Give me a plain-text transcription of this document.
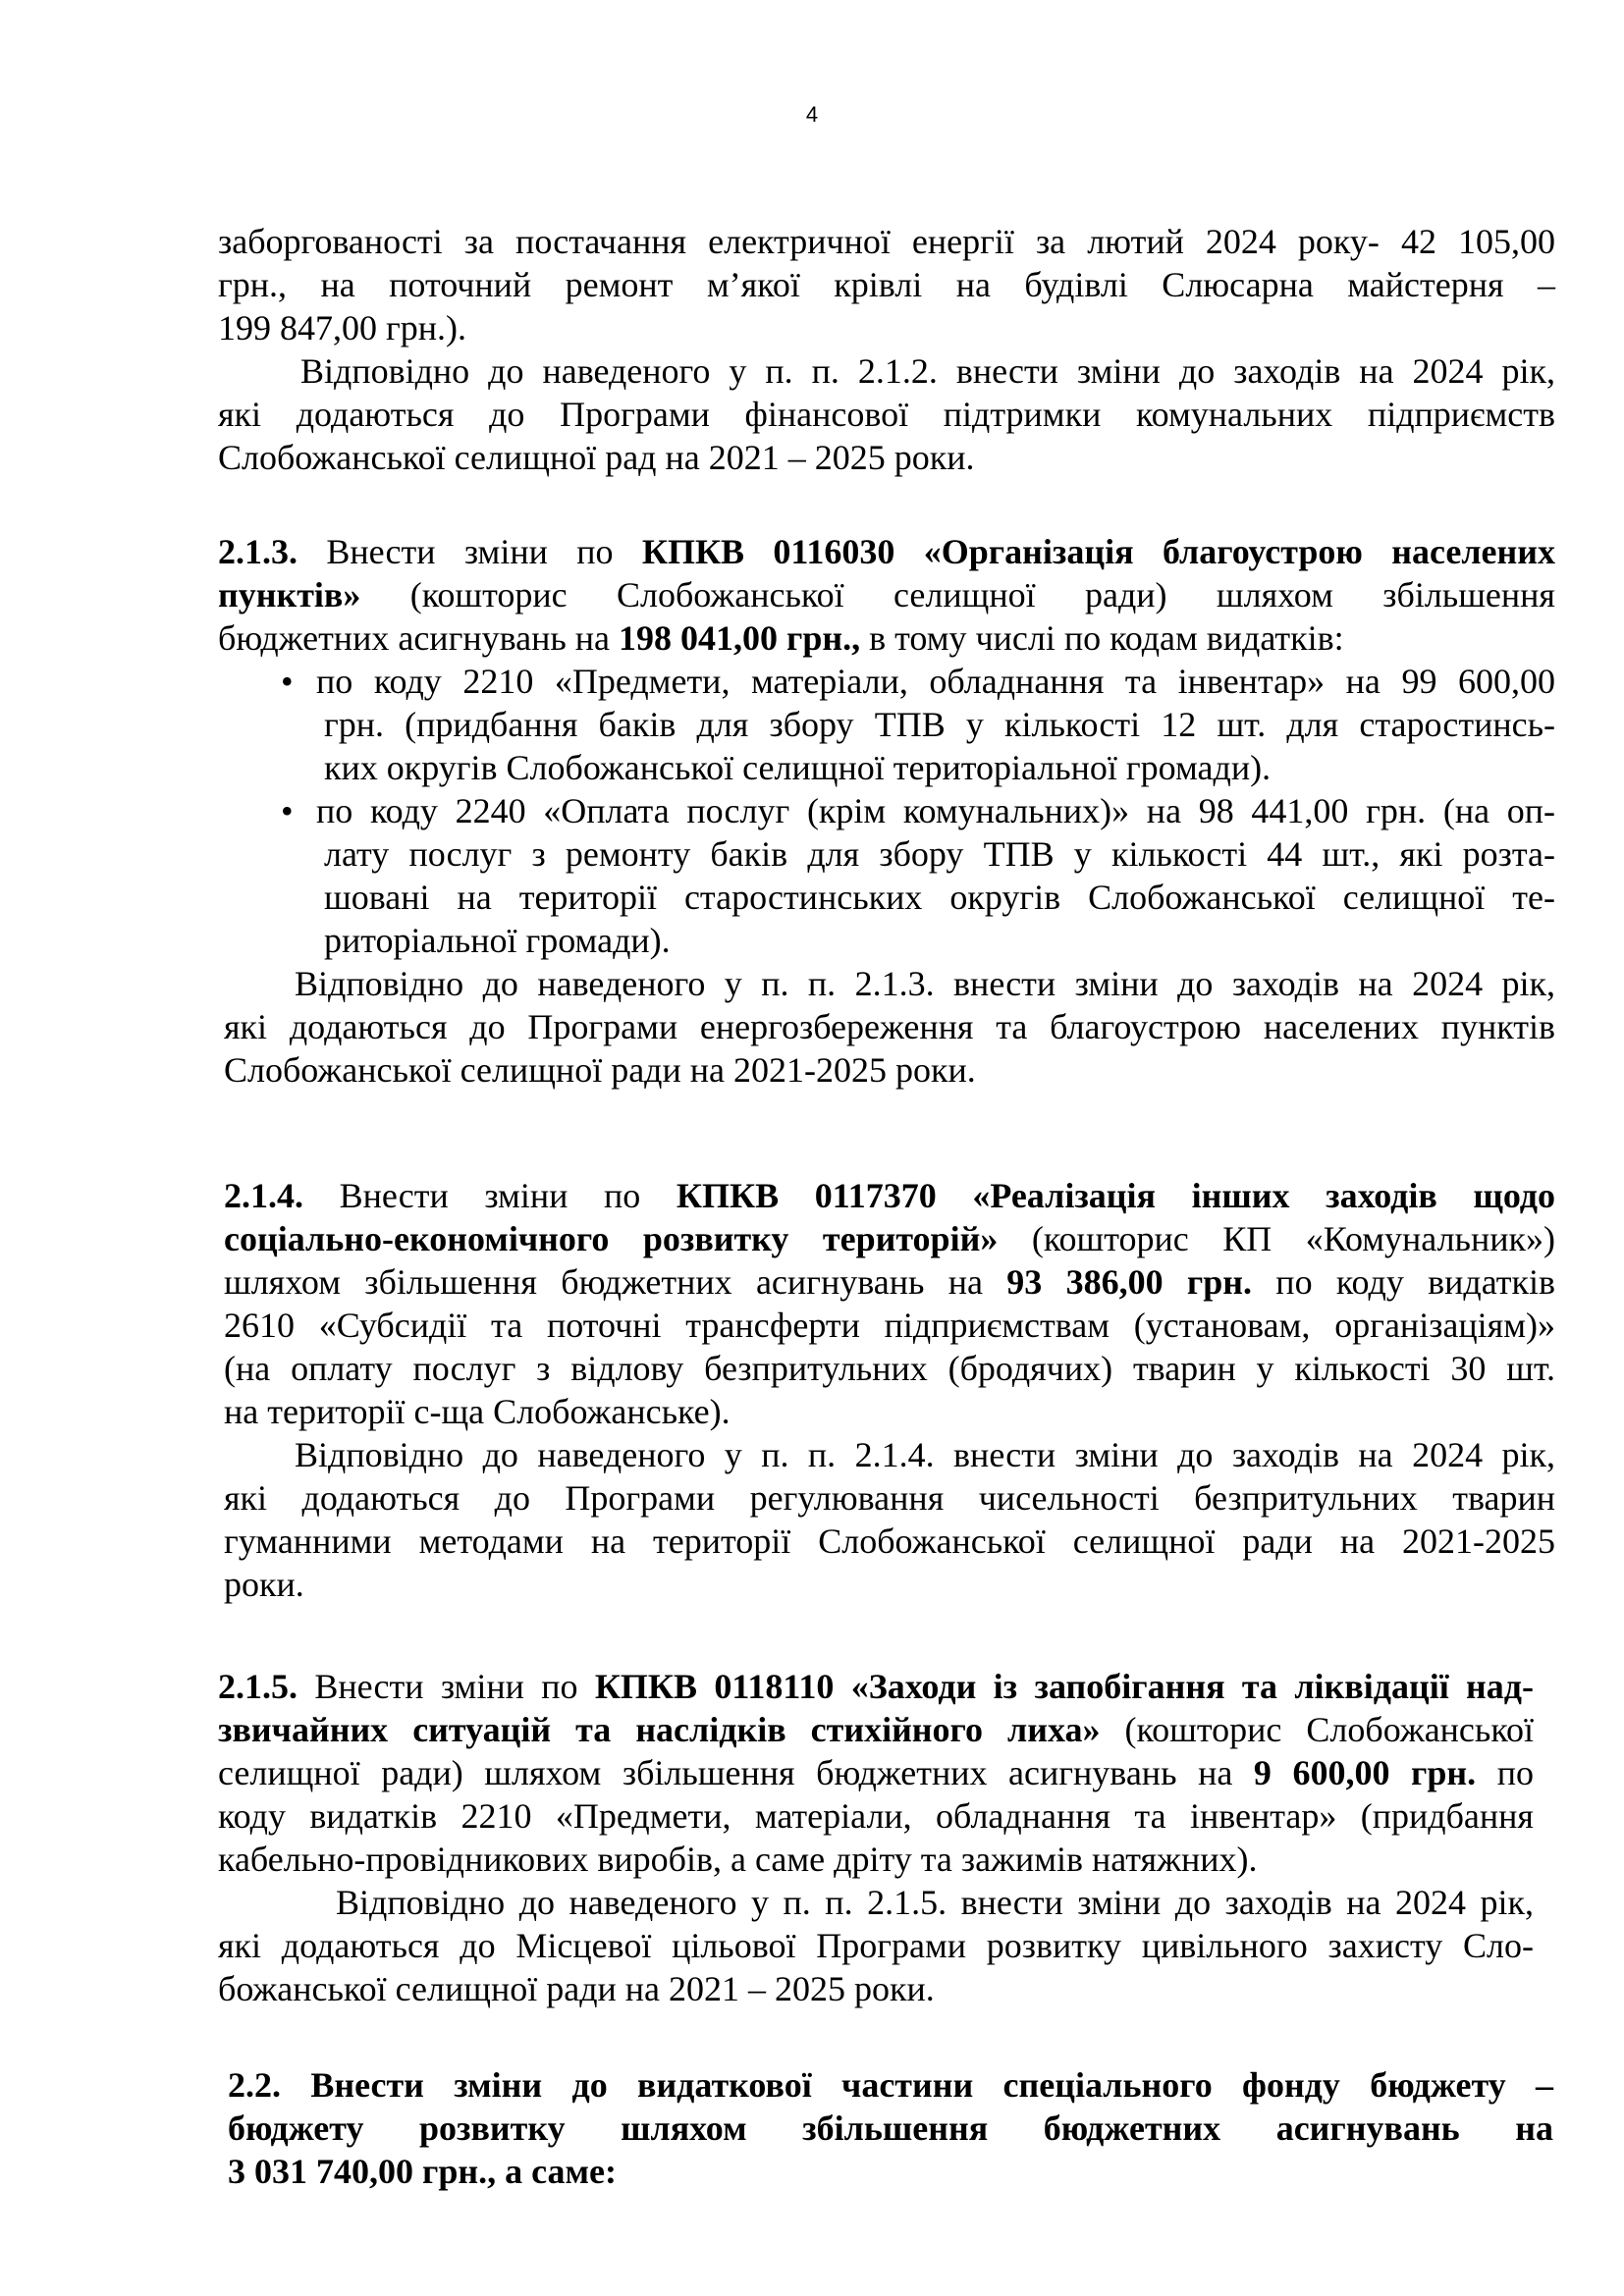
4
заборгованості за постачання електричної енергії за лютий 2024 року- 42 105,00
грн., на поточний ремонт м’якої крівлі на будівлі Слюсарна майстерня –
199 847,00 грн.).
Відповідно до наведеного у п. п. 2.1.2. внести зміни до заходів на 2024 рік,
які додаються до Програми фінансової підтримки комунальних підприємств
Слобожанської селищної рад на 2021 – 2025 роки.
2.1.3. Внести зміни по КПКВ 0116030 «Організація благоустрою населених
пунктів» (кошторис Слобожанської селищної ради) шляхом збільшення
бюджетних асигнувань на 198 041,00 грн., в тому числі по кодам видатків:
• по коду 2210 «Предмети, матеріали, обладнання та інвентар» на 99 600,00
грн. (придбання баків для збору ТПВ у кількості 12 шт. для старостинсь-
ких округів Слобожанської селищної територіальної громади).
• по коду 2240 «Оплата послуг (крім комунальних)» на 98 441,00 грн. (на оп-
лату послуг з ремонту баків для збору ТПВ у кількості 44 шт., які розта-
шовані на території старостинських округів Слобожанської селищної те-
риторіальної громади).
Відповідно до наведеного у п. п. 2.1.3. внести зміни до заходів на 2024 рік,
які додаються до Програми енергозбереження та благоустрою населених пунктів
Слобожанської селищної ради на 2021-2025 роки.
2.1.4. Внести зміни по КПКВ 0117370 «Реалізація інших заходів щодо
соціально-економічного розвитку територій» (кошторис КП «Комунальник»)
шляхом збільшення бюджетних асигнувань на 93 386,00 грн. по коду видатків
2610 «Субсидії та поточні трансферти підприємствам (установам, організаціям)»
(на оплату послуг з відлову безпритульних (бродячих) тварин у кількості 30 шт.
на території с-ща Слобожанське).
Відповідно до наведеного у п. п. 2.1.4. внести зміни до заходів на 2024 рік,
які додаються до Програми регулювання чисельності безпритульних тварин
гуманними методами на території Слобожанської селищної ради на 2021-2025
роки.
2.1.5. Внести зміни по КПКВ 0118110 «Заходи із запобігання та ліквідації над-
звичайних ситуацій та наслідків стихійного лиха» (кошторис Слобожанської
селищної ради) шляхом збільшення бюджетних асигнувань на 9 600,00 грн. по
коду видатків 2210 «Предмети, матеріали, обладнання та інвентар» (придбання
кабельно-провідникових виробів, а саме дріту та зажимів натяжних).
Відповідно до наведеного у п. п. 2.1.5. внести зміни до заходів на 2024 рік,
які додаються до Місцевої цільової Програми розвитку цивільного захисту Сло-
божанської селищної ради на 2021 – 2025 роки.
2.2. Внести зміни до видаткової частини спеціального фонду бюджету –
бюджету розвитку шляхом збільшення бюджетних асигнувань на
3 031 740,00 грн., а саме:
